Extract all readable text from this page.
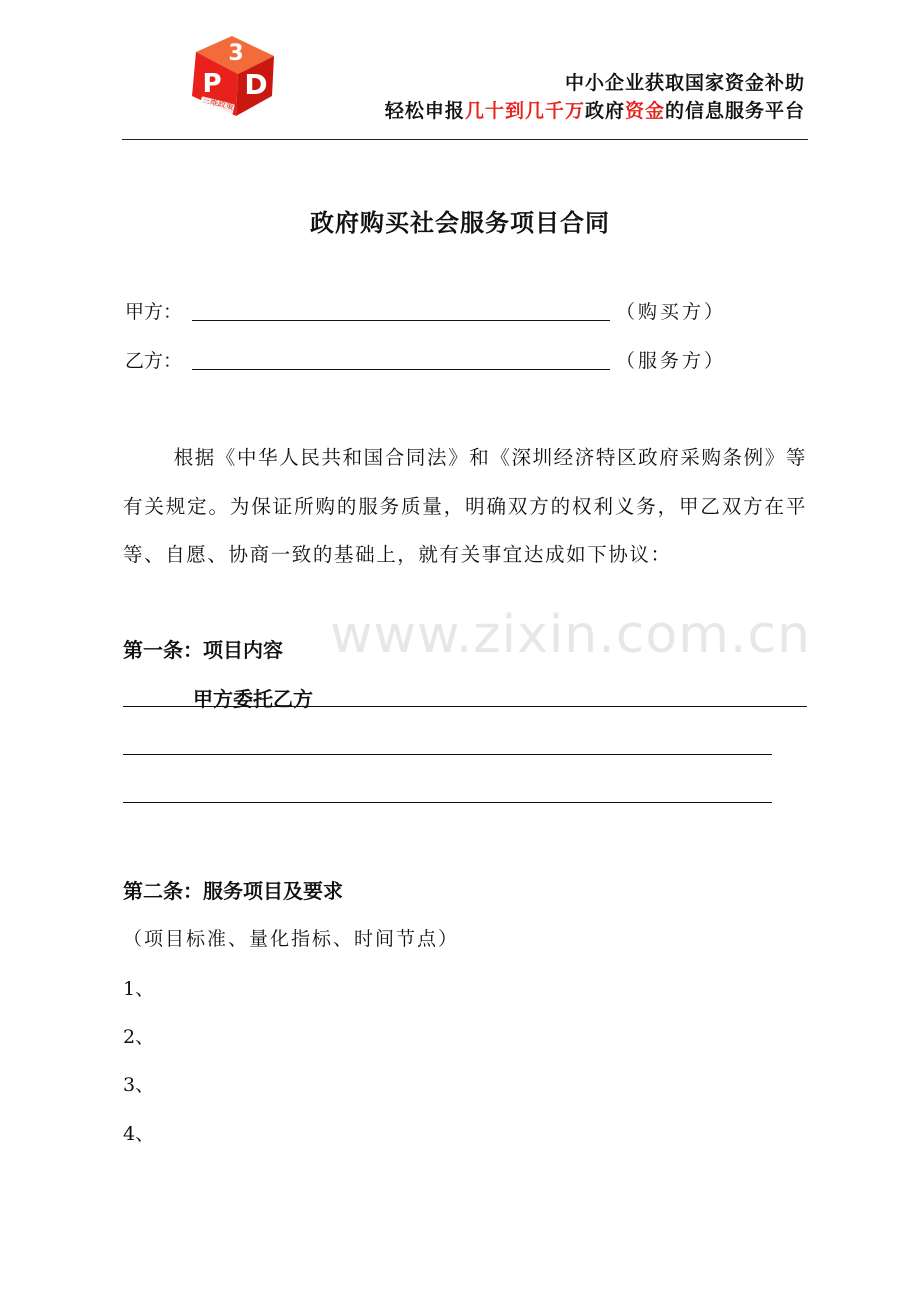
3
P D
三维政策
中小企业获取国家资金补助
轻松申报几十到几千万政府资金的信息服务平台
政府购买社会服务项目合同
甲方：	（购买方）
乙方：	（服务方）
根据《中华人民共和国合同法》和《深圳经济特区政府采购条例》等有关规定。为保证所购的服务质量，明确双方的权利义务，甲乙双方在平等、自愿、协商一致的基础上，就有关事宜达成如下协议：
www.zixin.com.cn
第一条：项目内容
甲方委托乙方
第二条：服务项目及要求
（项目标准、量化指标、时间节点）
1、
2、
3、
4、
